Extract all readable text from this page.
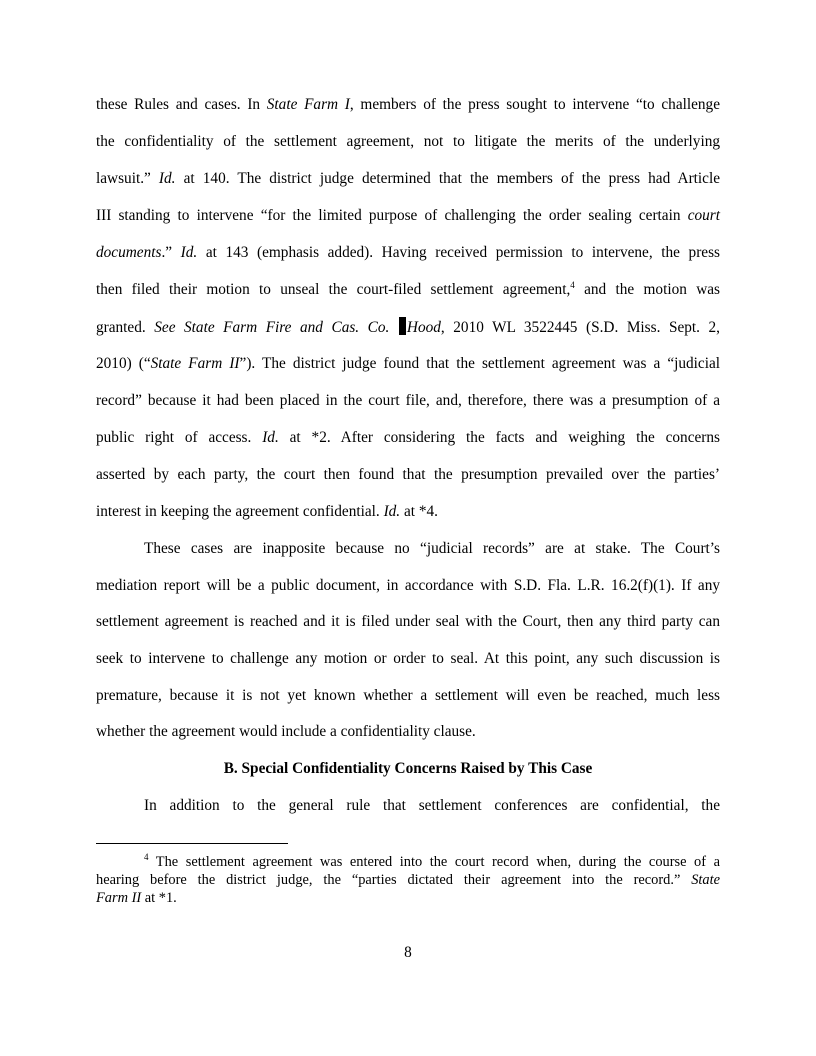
these Rules and cases. In State Farm I, members of the press sought to intervene “to challenge

the confidentiality of the settlement agreement, not to litigate the merits of the underlying

lawsuit.” Id. at 140. The district judge determined that the members of the press had Article

III standing to intervene “for the limited purpose of challenging the order sealing certain court

documents.” Id. at 143 (emphasis added). Having received permission to intervene, the press

then filed their motion to unseal the court-filed settlement agreement,$^4$ and the motion was

granted. See State Farm Fire and Cas. Co. Hood, 2010 WL 3522445 (S.D. Miss. Sept. 2,

2010) (“State Farm II”). The district judge found that the settlement agreement was a “judicial

record” because it had been placed in the court file, and, therefore, there was a presumption of a

public right of access. Id. at *2. After considering the facts and weighing the concerns

asserted by each party, the court then found that the presumption prevailed over the parties’

interest in keeping the agreement confidential. Id. at *4.

These cases are inapposite because no “judicial records” are at stake. The Court’s

mediation report will be a public document, in accordance with S.D. Fla. L.R. 16.2(f)(1). If any

settlement agreement is reached and it is filed under seal with the Court, then any third party can

seek to intervene to challenge any motion or order to seal. At this point, any such discussion is

premature, because it is not yet known whether a settlement will even be reached, much less

whether the agreement would include a confidentiality clause.

B. Special Confidentiality Concerns Raised by This Case

In addition to the general rule that settlement conferences are confidential, the

$^4$ The settlement agreement was entered into the court record when, during the course of a

hearing before the district judge, the “parties dictated their agreement into the record.” State

Farm II at *1.

8
